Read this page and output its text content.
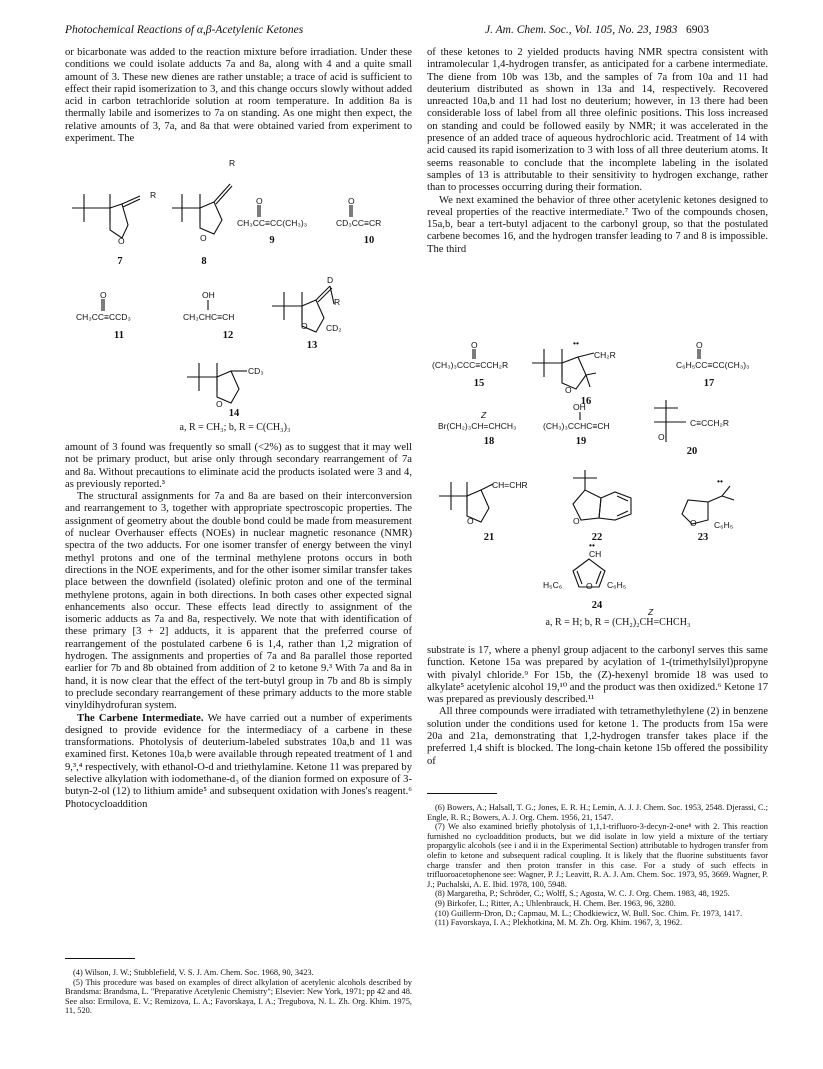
Photochemical Reactions of α,β-Acetylenic Ketones	J. Am. Chem. Soc., Vol. 105, No. 23, 1983 6903

or bicarbonate was added to the reaction mixture before irradiation. Under these conditions we could isolate adducts 7a and 8a, along with 4 and a quite small amount of 3. These new dienes are rather unstable; a trace of acid is sufficient to effect their rapid isomerization to 3, and this change occurs slowly without added acid in carbon tetrachloride solution at room temperature. In addition 8a is thermally labile and isomerizes to 7a on standing. As one might then expect, the relative amounts of 3, 7a, and 8a that were obtained varied from experiment to experiment. The

R
O
7
R
O
8
O
CH₃CC≡CC(CH₃)₃
9
O
CD₃CC≡CR
10
O
CH₃CC≡CCD₃
11
OH
CH₃CHC≡CH
12
D
R
O CD₂
13
CD₃
O
14
a, R = CH₃; b, R = C(CH₃)₃

amount of 3 found was frequently so small (<2%) as to suggest that it may well not be primary product, but arise only through secondary rearrangement of 7a and 8a. Without precautions to eliminate acid the products isolated were 3 and 4, as previously reported.³

The structural assignments for 7a and 8a are based on their interconversion and rearrangement to 3, together with appropriate spectroscopic properties. The assignment of geometry about the double bond could be made from measurement of nuclear Overhauser effects (NOEs) in nuclear magnetic resonance (NMR) spectra of the two adducts. For one isomer transfer of energy between the vinyl methyl protons and one of the terminal methylene protons occurs in both directions in the NOE experiments, and for the other isomer similar transfer takes place between the downfield (isolated) olefinic proton and one of the terminal methylene protons, again in both directions. In both cases other expected signal enhancements also occur. These effects lead directly to assignment of the isomeric adducts as 7a and 8a, respectively. We note that with identification of these primary [3 + 2] adducts, it is apparent that the preferred course of rearrangement of the postulated carbene 6 is 1,4, rather than 1,2 migration of hydrogen. The assignments and properties of 7a and 8a parallel those reported earlier for 7b and 8b obtained from addition of 2 to ketone 9.³ With 7a and 8a in hand, it is now clear that the effect of the tert-butyl group in 7b and 8b is simply to preclude secondary rearrangement of these primary adducts to the more stable vinyldihydrofuran system.

The Carbene Intermediate. We have carried out a number of experiments designed to provide evidence for the intermediacy of a carbene in these transformations. Photolysis of deuterium-labeled substrates 10a,b and 11 was examined first. Ketones 10a,b were available through repeated treatment of 1 and 9,³,⁴ respectively, with ethanol-O-d and triethylamine. Ketone 11 was prepared by selective alkylation with iodomethane-d₃ of the dianion formed on exposure of 3-butyn-2-ol (12) to lithium amide⁵ and subsequent oxidation with Jones's reagent.⁶ Photocycloaddition

(4) Wilson, J. W.; Stubblefield, V. S. J. Am. Chem. Soc. 1968, 90, 3423.

(5) This procedure was based on examples of direct alkylation of acetylenic alcohols described by Brandsma: Brandsma, L. "Preparative Acetylenic Chemistry"; Elsevier: New York, 1971; pp 42 and 48. See also: Ermilova, E. V.; Remizova, L. A.; Favorskaya, I. A.; Tregubova, N. L. Zh. Org. Khim. 1975, 11, 520.

of these ketones to 2 yielded products having NMR spectra consistent with intramolecular 1,4-hydrogen transfer, as anticipated for a carbene intermediate. The diene from 10b was 13b, and the samples of 7a from 10a and 11 had deuterium distributed as shown in 13a and 14, respectively. Recovered unreacted 10a,b and 11 had lost no deuterium; however, in 13 there had been considerable loss of label from all three olefinic positions. This loss increased on standing and could be followed easily by NMR; it was accelerated in the presence of an added trace of aqueous hydrochloric acid. Treatment of 14 with acid caused its rapid isomerization to 3 with loss of all three deuterium atoms. It seems reasonable to conclude that the incomplete labeling in the isolated samples of 13 is attributable to their sensitivity to hydrogen exchange, rather than to processes occurring during their formation.

We next examined the behavior of three other acetylenic ketones designed to reveal properties of the reactive intermediate.⁷ Two of the compounds chosen, 15a,b, bear a tert-butyl adjacent to the carbonyl group, so that the postulated carbene becomes 16, and the hydrogen transfer leading to 7 and 8 is impossible. The third

O
(CH₃)₃CCC≡CCH₂R
15
••
CH₂R
O
16
O
C₆H₅CC≡CC(CH₃)₃
17
Z
Br(CH₂)₃CH=CHCH₃
18
OH
(CH₃)₃CCHC≡CH
19	O
C≡CCH₂R
20
CH=CHR
O
21
O
22
••
O C₆H₅
23
••
CH
H₅C₆	O C₆H₅
24
Z
a, R = H; b, R = (CH₂)₂CH=CHCH₃

substrate is 17, where a phenyl group adjacent to the carbonyl serves this same function. Ketone 15a was prepared by acylation of 1-(trimethylsilyl)propyne with pivalyl chloride.⁹ For 15b, the (Z)-hexenyl bromide 18 was used to alkylate⁵ acetylenic alcohol 19,¹⁰ and the product was then oxidized.⁶ Ketone 17 was prepared as previously described.¹¹

All three compounds were irradiated with tetramethylethylene (2) in benzene solution under the conditions used for ketone 1. The products from 15a were 20a and 21a, demonstrating that 1,2-hydrogen transfer takes place if the preferred 1,4 shift is blocked. The long-chain ketone 15b offered the possibility of

(6) Bowers, A.; Halsall, T. G.; Jones, E. R. H.; Lemin, A. J. J. Chem. Soc. 1953, 2548. Djerassi, C.; Engle, R. R.; Bowers, A. J. Org. Chem. 1956, 21, 1547.

(7) We also examined briefly photolysis of 1,1,1-trifluoro-3-decyn-2-one⁸ with 2. This reaction furnished no cycloaddition products, but we did isolate in low yield a mixture of the tertiary propargylic alcohols (see i and ii in the Experimental Section) attributable to hydrogen transfer from olefin to ketone and subsequent radical coupling. It is likely that the fluorine substituents favor charge transfer and then proton transfer in this case. For a study of such effects in trifluoroacetophenone see: Wagner, P. J.; Leavitt, R. A. J. Am. Chem. Soc. 1973, 95, 3669. Wagner, P. J.; Puchalski, A. E. Ibid. 1978, 100, 5948.

(8) Margaretha, P.; Schröder, C.; Wolff, S.; Agosta, W. C. J. Org. Chem. 1983, 48, 1925.

(9) Birkofer, L.; Ritter, A.; Uhlenbrauck, H. Chem. Ber. 1963, 96, 3280.

(10) Guillerm-Dron, D.; Capmau, M. L.; Chodkiewicz, W. Bull. Soc. Chim. Fr. 1973, 1417.

(11) Favorskaya, I. A.; Plekhotkina, M. M. Zh. Org. Khim. 1967, 3, 1962.
